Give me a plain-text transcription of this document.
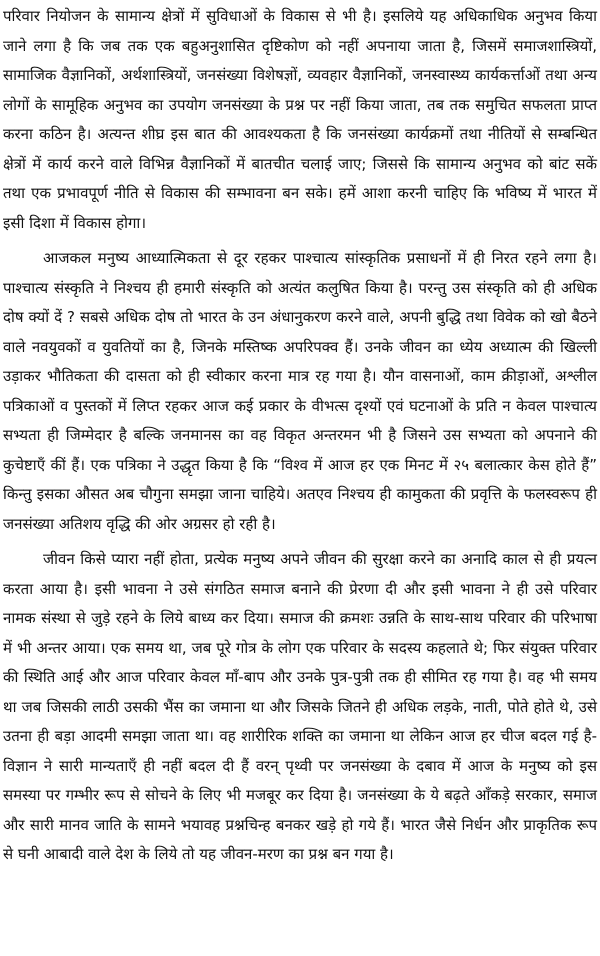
परिवार नियोजन के सामान्य क्षेत्रों में सुविधाओं के विकास से भी है। इसलिये यह अधिकाधिक अनुभव किया जाने लगा है कि जब तक एक बहुअनुशासित दृष्टिकोण को नहीं अपनाया जाता है, जिसमें समाजशास्त्रियों, सामाजिक वैज्ञानिकों, अर्थशास्त्रियों, जनसंख्या विशेषज्ञों, व्यवहार वैज्ञानिकों, जनस्वास्थ्य कार्यकर्त्ताओं तथा अन्य लोगों के सामूहिक अनुभव का उपयोग जनसंख्या के प्रश्न पर नहीं किया जाता, तब तक समुचित सफलता प्राप्त करना कठिन है। अत्यन्त शीघ्र इस बात की आवश्यकता है कि जनसंख्या कार्यक्रमों तथा नीतियों से सम्बन्धित क्षेत्रों में कार्य करने वाले विभिन्न वैज्ञानिकों में बातचीत चलाई जाए; जिससे कि सामान्य अनुभव को बांट सकें तथा एक प्रभावपूर्ण नीति से विकास की सम्भावना बन सके। हमें आशा करनी चाहिए कि भविष्य में भारत में इसी दिशा में विकास होगा।

आजकल मनुष्य आध्यात्मिकता से दूर रहकर पाश्चात्य सांस्कृतिक प्रसाधनों में ही निरत रहने लगा है। पाश्चात्य संस्कृति ने निश्चय ही हमारी संस्कृति को अत्यंत कलुषित किया है। परन्तु उस संस्कृति को ही अधिक दोष क्यों दें ? सबसे अधिक दोष तो भारत के उन अंधानुकरण करने वाले, अपनी बुद्धि तथा विवेक को खो बैठने वाले नवयुवकों व युवतियों का है, जिनके मस्तिष्क अपरिपक्व हैं। उनके जीवन का ध्येय अध्यात्म की खिल्ली उड़ाकर भौतिकता की दासता को ही स्वीकार करना मात्र रह गया है। यौन वासनाओं, काम क्रीड़ाओं, अश्लील पत्रिकाओं व पुस्तकों में लिप्त रहकर आज कई प्रकार के वीभत्स दृश्यों एवं घटनाओं के प्रति न केवल पाश्चात्य सभ्यता ही जिम्मेदार है बल्कि जनमानस का वह विकृत अन्तरमन भी है जिसने उस सभ्यता को अपनाने की कुचेष्टाएँ कीं हैं। एक पत्रिका ने उद्धृत किया है कि “विश्व में आज हर एक मिनट में २५ बलात्कार केस होते हैं” किन्तु इसका औसत अब चौगुना समझा जाना चाहिये। अतएव निश्चय ही कामुकता की प्रवृत्ति के फलस्वरूप ही जनसंख्या अतिशय वृद्धि की ओर अग्रसर हो रही है।

जीवन किसे प्यारा नहीं होता, प्रत्येक मनुष्य अपने जीवन की सुरक्षा करने का अनादि काल से ही प्रयत्न करता आया है। इसी भावना ने उसे संगठित समाज बनाने की प्रेरणा दी और इसी भावना ने ही उसे परिवार नामक संस्था से जुड़े रहने के लिये बाध्य कर दिया। समाज की क्रमशः उन्नति के साथ-साथ परिवार की परिभाषा में भी अन्तर आया। एक समय था, जब पूरे गोत्र के लोग एक परिवार के सदस्य कहलाते थे; फिर संयुक्त परिवार की स्थिति आई और आज परिवार केवल माँ-बाप और उनके पुत्र-पुत्री तक ही सीमित रह गया है। वह भी समय था जब जिसकी लाठी उसकी भैंस का जमाना था और जिसके जितने ही अधिक लड़के, नाती, पोते होते थे, उसे उतना ही बड़ा आदमी समझा जाता था। वह शारीरिक शक्ति का जमाना था लेकिन आज हर चीज बदल गई है- विज्ञान ने सारी मान्यताएँ ही नहीं बदल दी हैं वरन् पृथ्वी पर जनसंख्या के दबाव में आज के मनुष्य को इस समस्या पर गम्भीर रूप से सोचने के लिए भी मजबूर कर दिया है। जनसंख्या के ये बढ़ते आँकड़े सरकार, समाज और सारी मानव जाति के सामने भयावह प्रश्नचिन्ह बनकर खड़े हो गये हैं। भारत जैसे निर्धन और प्राकृतिक रूप से घनी आबादी वाले देश के लिये तो यह जीवन-मरण का प्रश्न बन गया है।
